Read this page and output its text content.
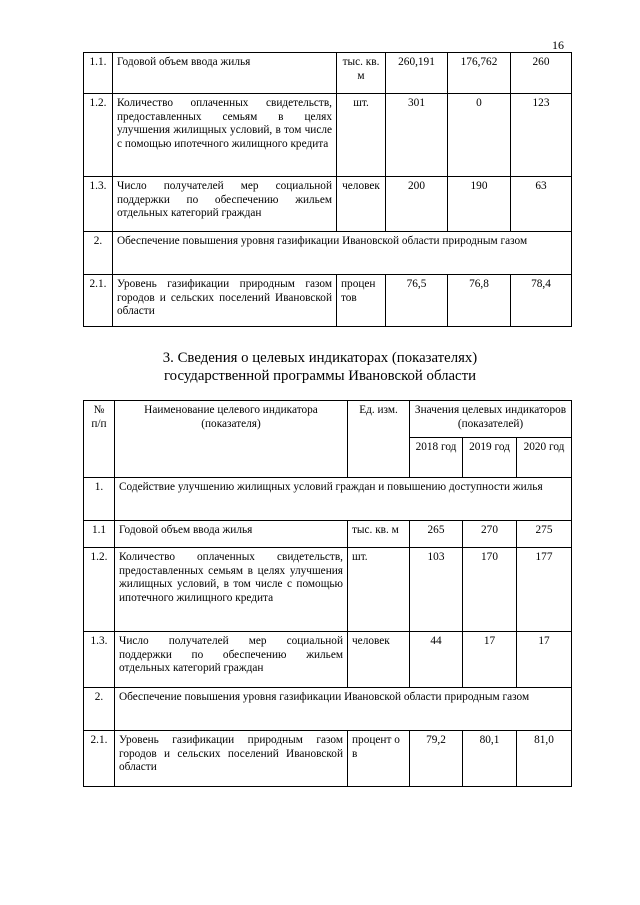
16
1.1.	Годовой объем ввода жилья	тыс. кв. м	260,191	176,762	260
1.2.	Количество оплаченных свидетельств, предоставленных семьям в целях улучшения жилищных условий, в том числе с помощью ипотечного жилищного кредита	шт.	301	0	123
1.3.	Число получателей мер социальной поддержки по обеспечению жильем отдельных категорий граждан	человек	200	190	63
2.	Обеспечение повышения уровня газификации Ивановской области природным газом				
2.1.	Уровень газификации природным газом городов и сельских поселений Ивановской области	процен тов	76,5	76,8	78,4
3. Сведения о целевых индикаторах (показателях)
государственной программы Ивановской области
№ п/п	Наименование целевого индикатора (показателя)	Ед. изм.	Значения целевых индикаторов (показателей)		
			2018 год	2019 год	2020 год
1.	Содействие улучшению жилищных условий граждан и повышению доступности жилья				
1.1	Годовой объем ввода жилья	тыс. кв. м	265	270	275
1.2.	Количество оплаченных свидетельств, предоставленных семьям в целях улучшения жилищных условий, в том числе с помощью ипотечного жилищного кредита	шт.	103	170	177
1.3.	Число получателей мер социальной поддержки по обеспечению жильем отдельных категорий граждан	человек	44	17	17
2.	Обеспечение повышения уровня газификации Ивановской области природным газом				
2.1.	Уровень газификации природным газом городов и сельских поселений Ивановской области	процент о в	79,2	80,1	81,0
